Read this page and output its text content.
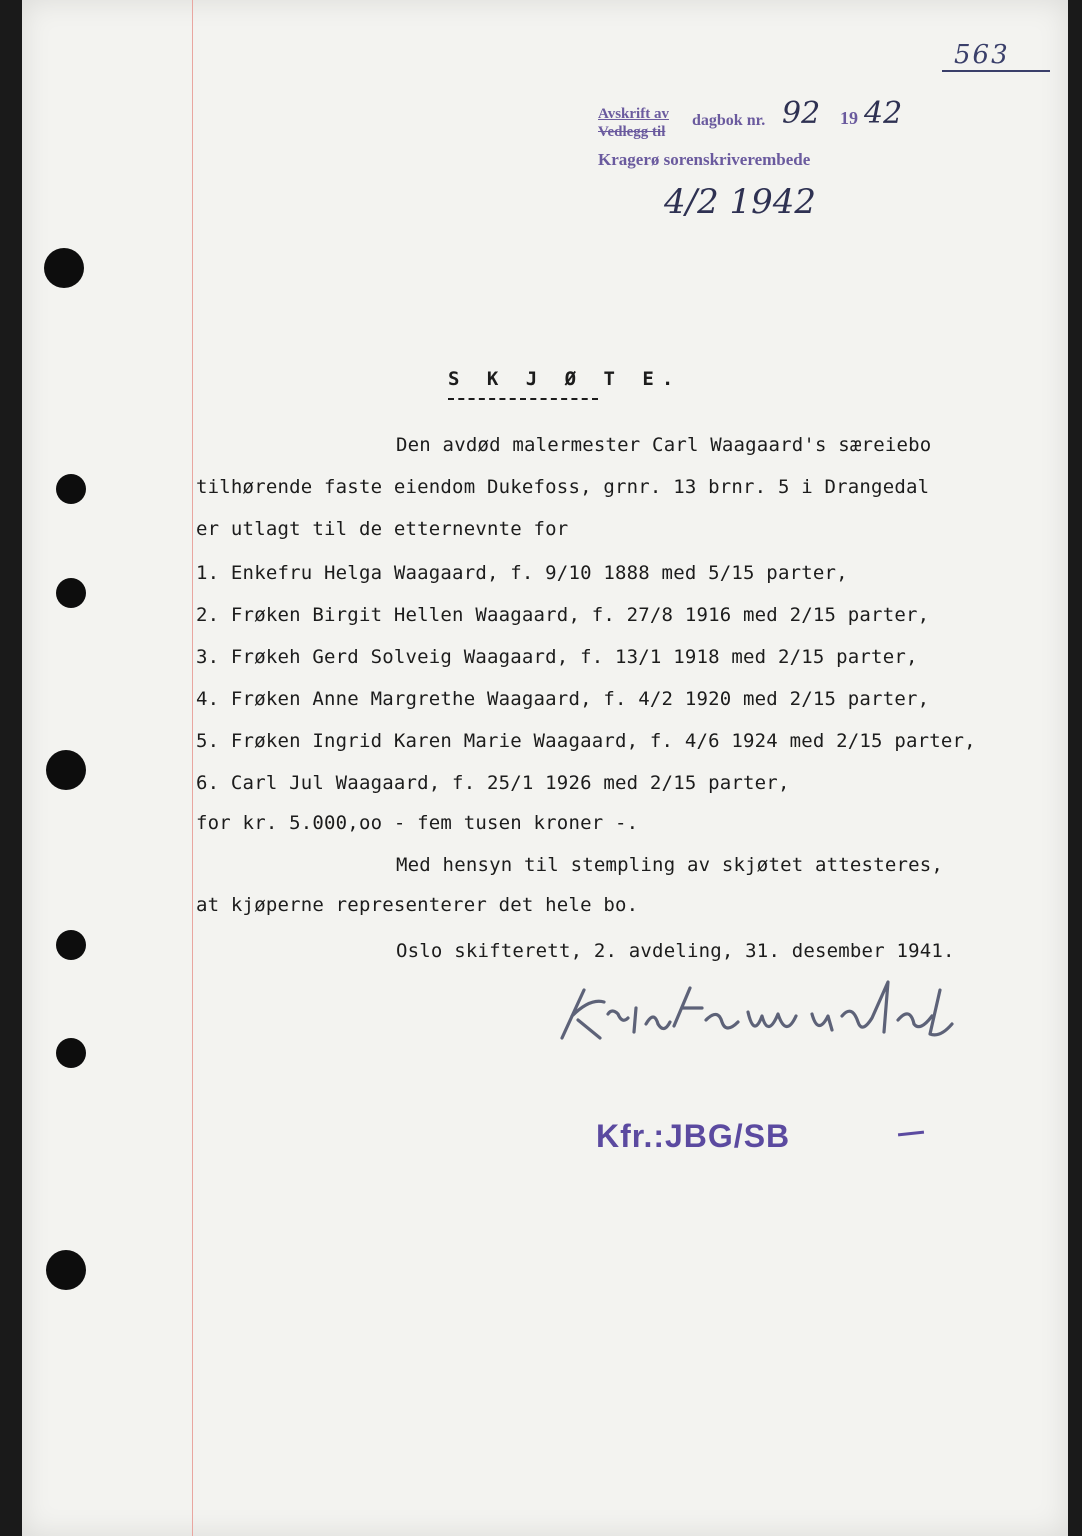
563
Avskrift av
Vedlegg til
dagbok nr. 92 19 42
Kragerø sorenskriverembede
4/2 1942
S K J Ø T E.
Den avdød malermester Carl Waagaard's særeiebo
tilhørende faste eiendom Dukefoss, grnr. 13 brnr. 5 i Drangedal
er utlagt til de etternevnte for
1. Enkefru Helga Waagaard, f. 9/10 1888 med 5/15 parter,
2. Frøken Birgit Hellen Waagaard, f. 27/8 1916 med 2/15 parter,
3. Frøkeh Gerd Solveig Waagaard, f. 13/1 1918 med 2/15 parter,
4. Frøken Anne Margrethe Waagaard, f. 4/2 1920 med 2/15 parter,
5. Frøken Ingrid Karen Marie Waagaard, f. 4/6 1924 med 2/15 parter,
6. Carl Jul Waagaard, f. 25/1 1926 med 2/15 parter,
for kr. 5.000,oo - fem tusen kroner -.
Med hensyn til stempling av skjøtet attesteres,
at kjøperne representerer det hele bo.
Oslo skifterett, 2. avdeling, 31. desember 1941.
Kfr.:JBG/SB
